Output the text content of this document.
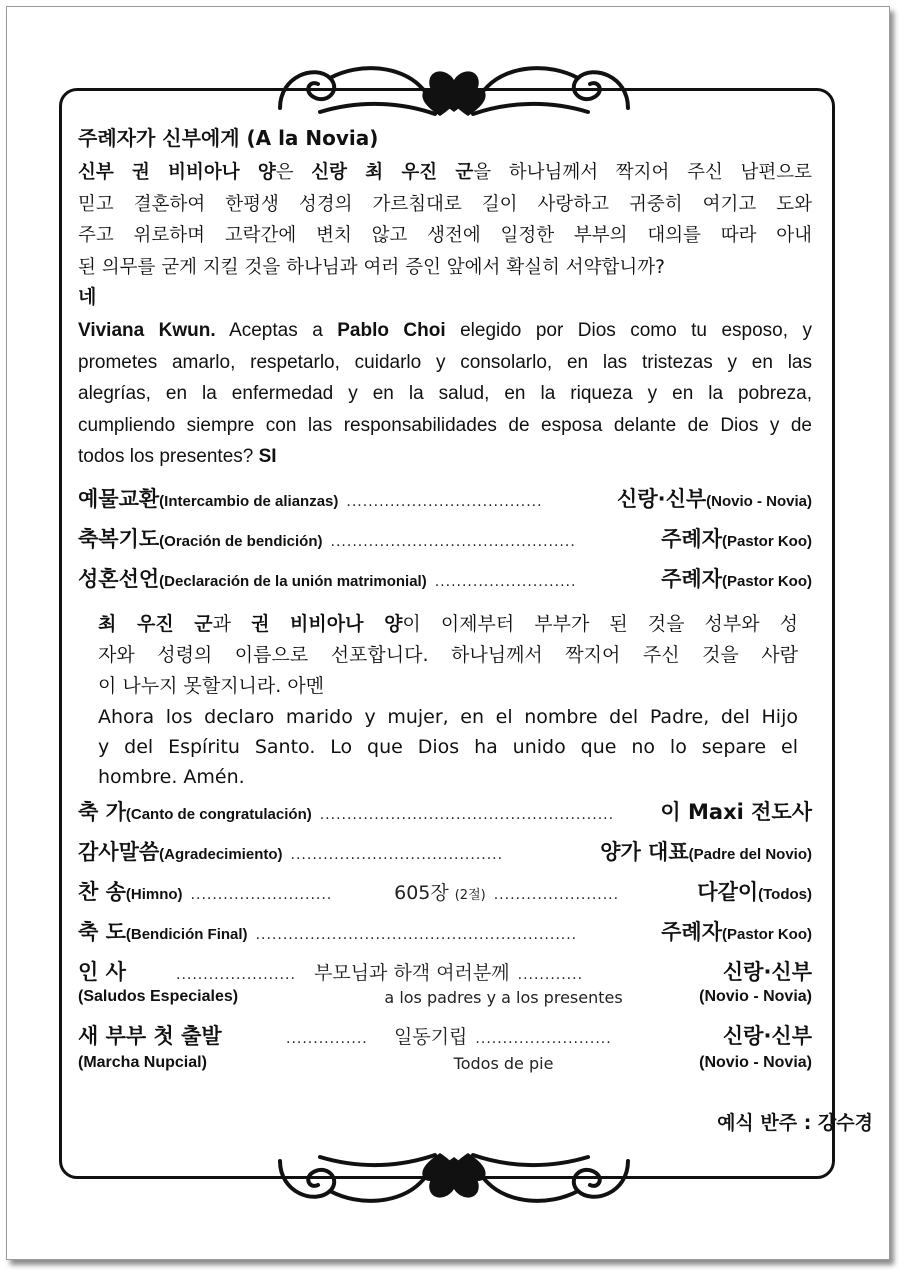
주례자가 신부에게 (A la Novia)
신부 권 비비아나 양은 신랑 최 우진 군을 하나님께서 짝지어 주신 남편으로
믿고 결혼하여 한평생 성경의 가르침대로 길이 사랑하고 귀중히 여기고 도와
주고 위로하며 고락간에 변치 않고 생전에 일정한 부부의 대의를 따라 아내
된 의무를 굳게 지킬 것을 하나님과 여러 증인 앞에서 확실히 서약합니까?
네
Viviana Kwun. Aceptas a Pablo Choi elegido por Dios como tu esposo, y
prometes amarlo, respetarlo, cuidarlo y consolarlo, en las tristezas y en las
alegrías, en la enfermedad y en la salud, en la riqueza y en la pobreza,
cumpliendo siempre con las responsabilidades de esposa delante de Dios y de
todos los presentes? SI
예물교환 (Intercambio de alianzas) ....................................	신랑·신부 (Novio - Novia)
축복기도 (Oración de bendición) .............................................	주례자 (Pastor Koo)
성혼선언 (Declaración de la unión matrimonial) ..........................	주례자 (Pastor Koo)
최 우진 군과 권 비비아나 양이 이제부터 부부가 된 것을 성부와 성
자와 성령의 이름으로 선포합니다. 하나님께서 짝지어 주신 것을 사람
이 나누지 못할지니라. 아멘
Ahora los declaro marido y mujer, en el nombre del Padre, del Hijo
y del Espíritu Santo. Lo que Dios ha unido que no lo separe el
hombre. Amén.
축 가 (Canto de congratulación) ......................................................	이 Maxi 전도사
감사말씀 (Agradecimiento) .......................................	양가 대표 (Padre del Novio)
찬 송 (Himno) ..........................	605장 (2절) .......................	다같이 (Todos)
축 도 (Bendición Final) ...........................................................	주례자 (Pastor Koo)
인 사	...................... 부모님과 하객 여러분께 ............	신랑·신부
(Saludos Especiales)	a los padres y a los presentes	(Novio - Novia)
새 부부 첫 출발	...............	일동기립 .........................	신랑·신부
(Marcha Nupcial)	Todos de pie	(Novio - Novia)
예식 반주 : 강수경
